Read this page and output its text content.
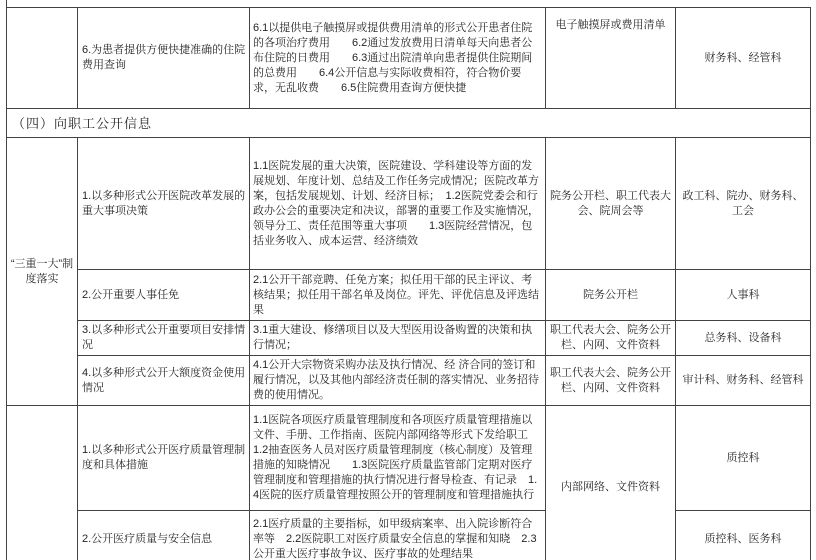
	6.为患者提供方便快捷准确的住院费用查询	6.1以提供电子触摸屏或提供费用清单的形式公开患者住院的各项治疗费用　　6.2通过发放费用日清单每天向患者公布住院的日费用　　6.3通过出院清单向患者提供住院期间的总费用　　6.4公开信息与实际收费相符，符合物价要求，无乱收费　　6.5住院费用查询方便快捷	电子触摸屏或费用清单	财务科、经管科
（四）向职工公开信息				
“三重一大”制度落实	1.以多种形式公开医院改革发展的重大事项决策	1.1医院发展的重大决策，医院建设、学科建设等方面的发展规划、年度计划、总结及工作任务完成情况；医院改革方案，包括发展规划、计划、经济目标；　1.2医院党委会和行政办公会的重要决定和决议，部署的重要工作及实施情况，领导分工、责任范围等重大事项　　1.3医院经营情况，包括业务收入、成本运营、经济绩效	院务公开栏、职工代表大会、院周会等	政工科、院办、财务科、工会
	2.公开重要人事任免	2.1公开干部竞聘、任免方案；拟任用干部的民主评议、考核结果；拟任用干部名单及岗位。评先、评优信息及评选结果	院务公开栏	人事科
	3.以多种形式公开重要项目安排情况	3.1重大建设、修缮项目以及大型医用设备购置的决策和执行情况；	职工代表大会、院务公开栏、内网、文件资料	总务科、设备科
	4.以多种形式公开大额度资金使用情况	4.1公开大宗物资采购办法及执行情况、经 济合同的签订和履行情况，以及其他内部经济责任制的落实情况、业务招待费的使用情况。	职工代表大会、院务公开栏、内网、文件资料	审计科、财务科、经管科
	1.以多种形式公开医疗质量管理制度和具体措施	1.1医院各项医疗质量管理制度和各项医疗质量管理措施以文件、手册、工作指南、医院内部网络等形式下发给职工　1.2抽查医务人员对医疗质量管理制度（核心制度）及管理措施的知晓情况　　1.3医院医疗质量监管部门定期对医疗管理制度和管理措施的执行情况进行督导检查、有记录　1.4医院的医疗质量管理按照公开的管理制度和管理措施执行	内部网络、文件资料	质控科
	2.公开医疗质量与安全信息	2.1医疗质量的主要指标，如甲级病案率、出入院诊断符合率等　2.2医院职工对医疗质量安全信息的掌握和知晓　2.3公开重大医疗事故争议、医疗事故的处理结果		质控科、医务科
